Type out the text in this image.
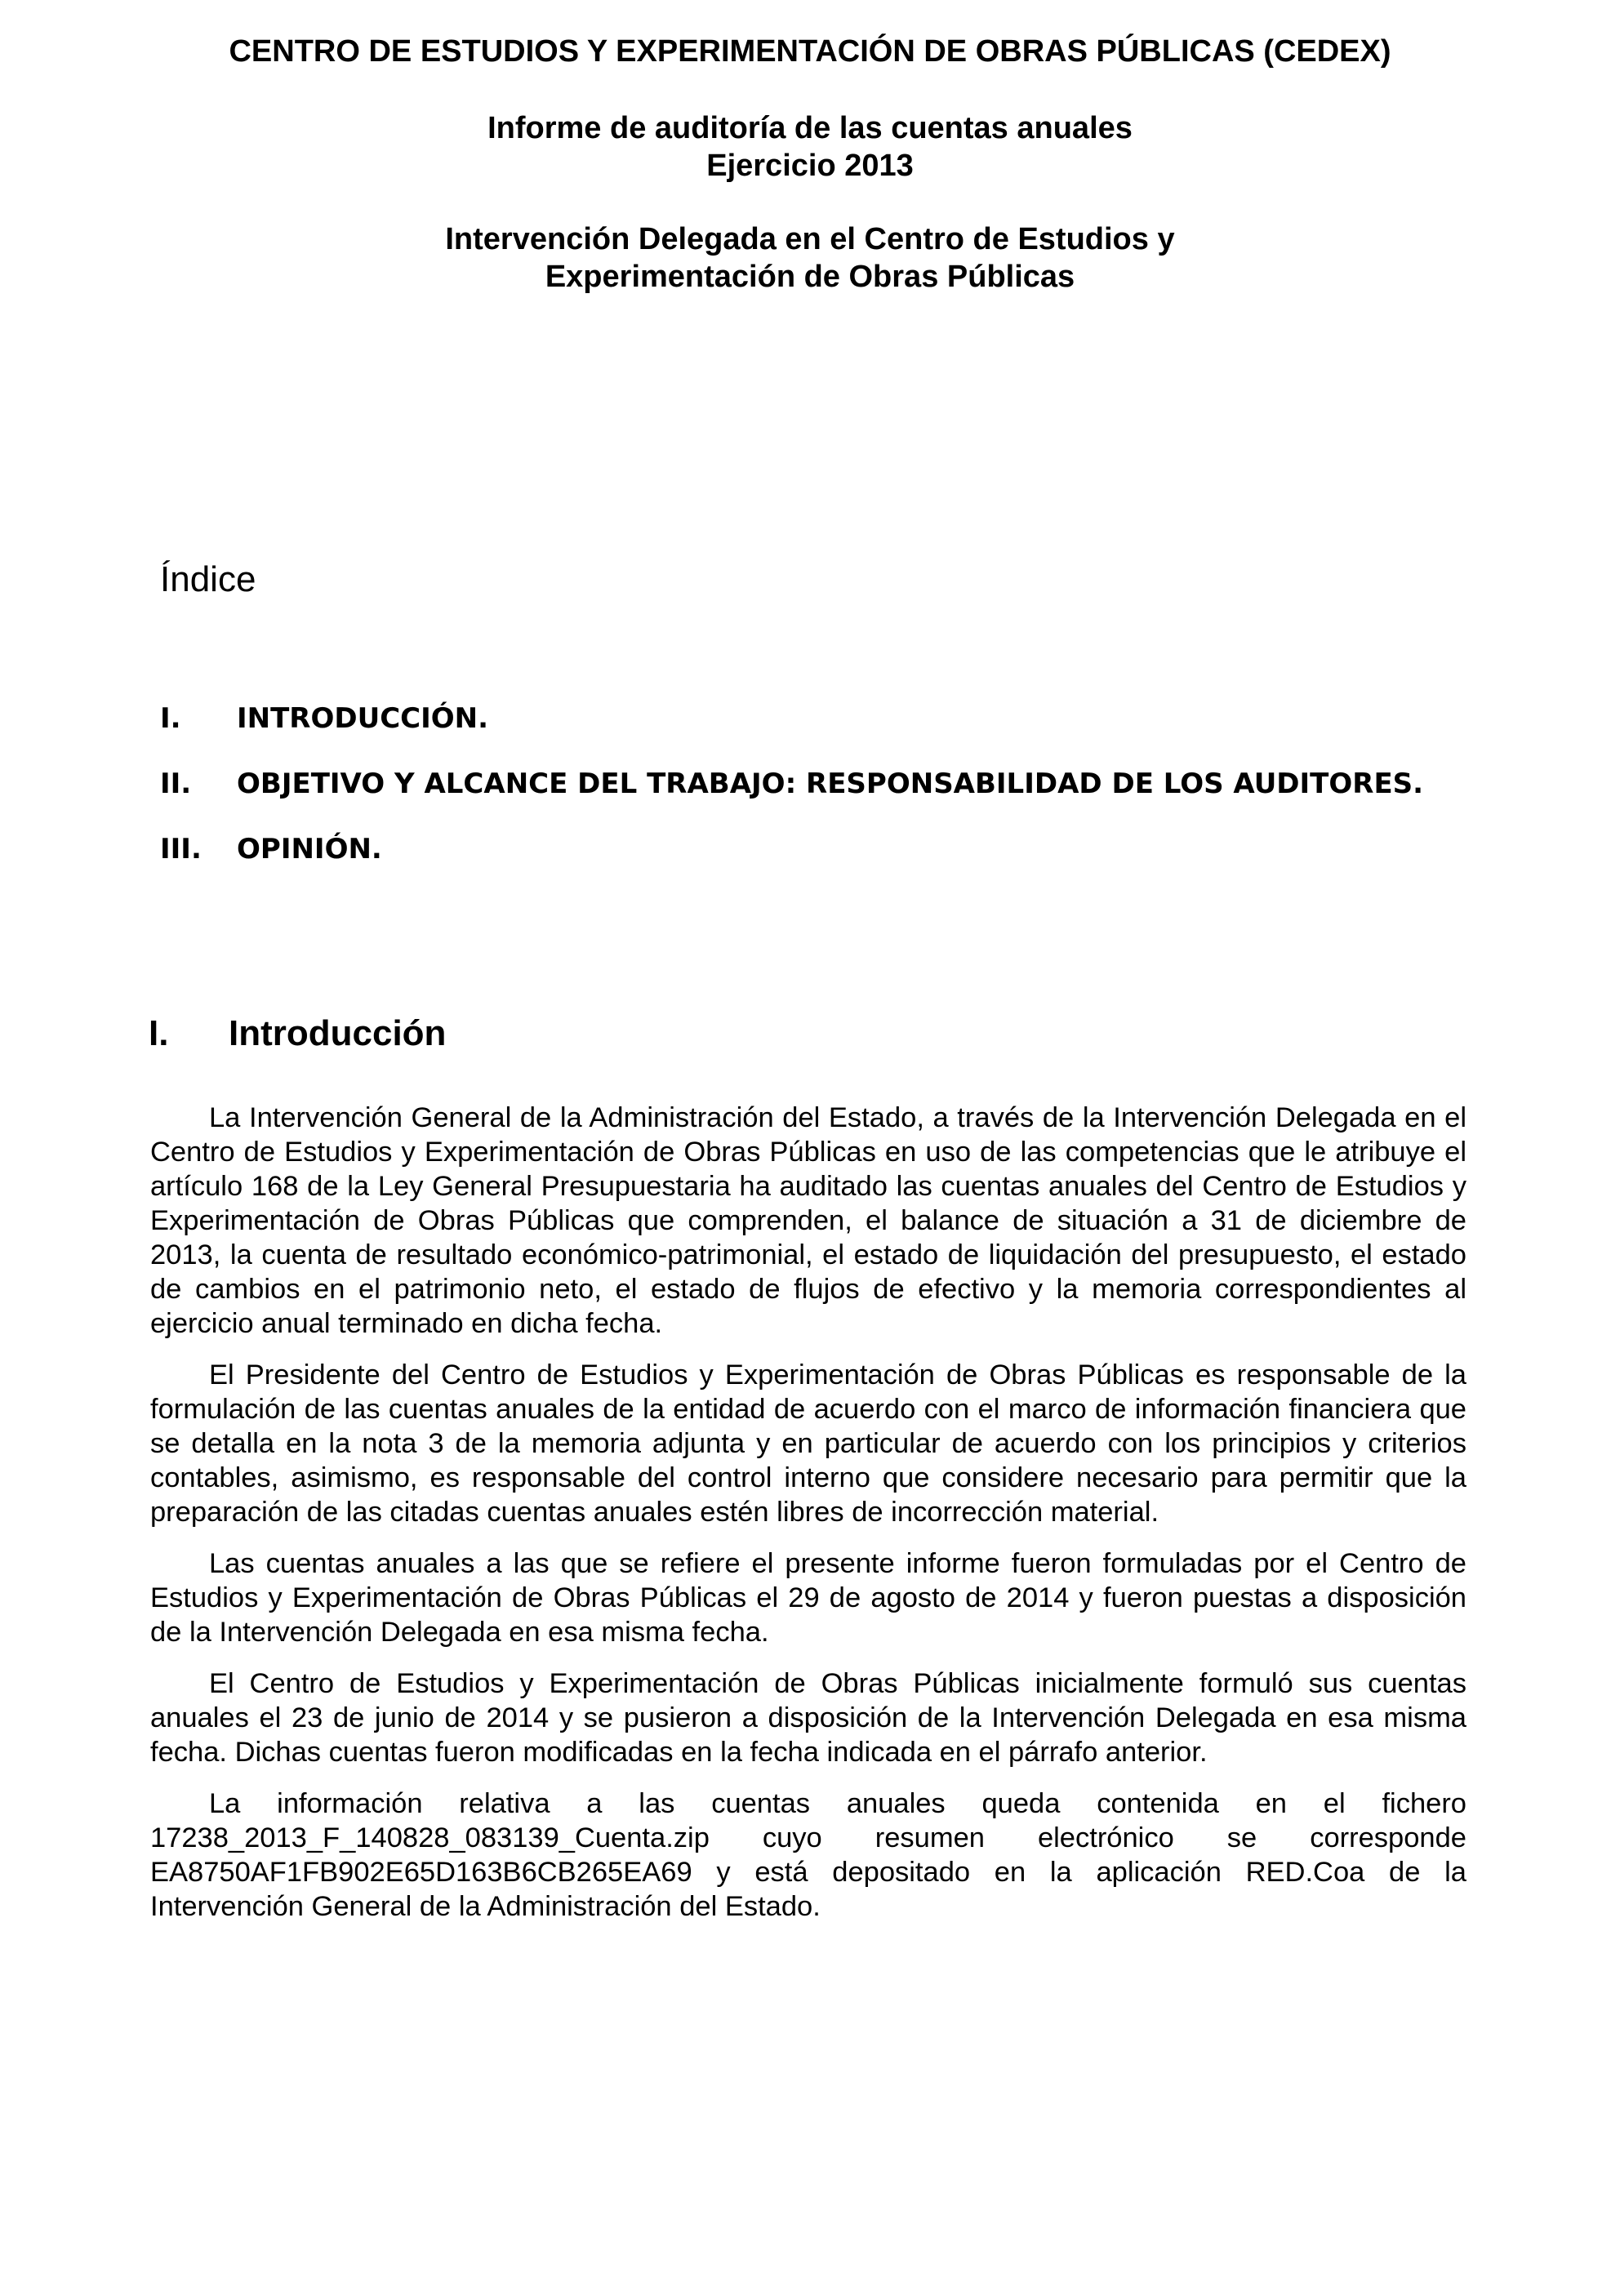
CENTRO DE ESTUDIOS Y EXPERIMENTACIÓN DE OBRAS PÚBLICAS (CEDEX)
Informe de auditoría de las cuentas anuales
Ejercicio 2013
Intervención Delegada en el Centro de Estudios y
Experimentación de Obras Públicas
Índice
I. INTRODUCCIÓN.
II. OBJETIVO Y ALCANCE DEL TRABAJO: RESPONSABILIDAD DE LOS AUDITORES.
III. OPINIÓN.
I. Introducción

La Intervención General de la Administración del Estado, a través de la Intervención Delegada en el Centro de Estudios y Experimentación de Obras Públicas en uso de las competencias que le atribuye el artículo 168 de la Ley General Presupuestaria ha auditado las cuentas anuales del Centro de Estudios y Experimentación de Obras Públicas que comprenden, el balance de situación a 31 de diciembre de 2013, la cuenta de resultado económico-patrimonial, el estado de liquidación del presupuesto, el estado de cambios en el patrimonio neto, el estado de flujos de efectivo y la memoria correspondientes al ejercicio anual terminado en dicha fecha.

El Presidente del Centro de Estudios y Experimentación de Obras Públicas es responsable de la formulación de las cuentas anuales de la entidad de acuerdo con el marco de información financiera que se detalla en la nota 3 de la memoria adjunta y en particular de acuerdo con los principios y criterios contables, asimismo, es responsable del control interno que considere necesario para permitir que la preparación de las citadas cuentas anuales estén libres de incorrección material.

Las cuentas anuales a las que se refiere el presente informe fueron formuladas por el Centro de Estudios y Experimentación de Obras Públicas el 29 de agosto de 2014 y fueron puestas a disposición de la Intervención Delegada en esa misma fecha.

El Centro de Estudios y Experimentación de Obras Públicas inicialmente formuló sus cuentas anuales el 23 de junio de 2014 y se pusieron a disposición de la Intervención Delegada en esa misma fecha. Dichas cuentas fueron modificadas en la fecha indicada en el párrafo anterior.

La información relativa a las cuentas anuales queda contenida en el fichero 17238_2013_F_140828_083139_Cuenta.zip cuyo resumen electrónico se corresponde EA8750AF1FB902E65D163B6CB265EA69 y está depositado en la aplicación RED.Coa de la Intervención General de la Administración del Estado.
